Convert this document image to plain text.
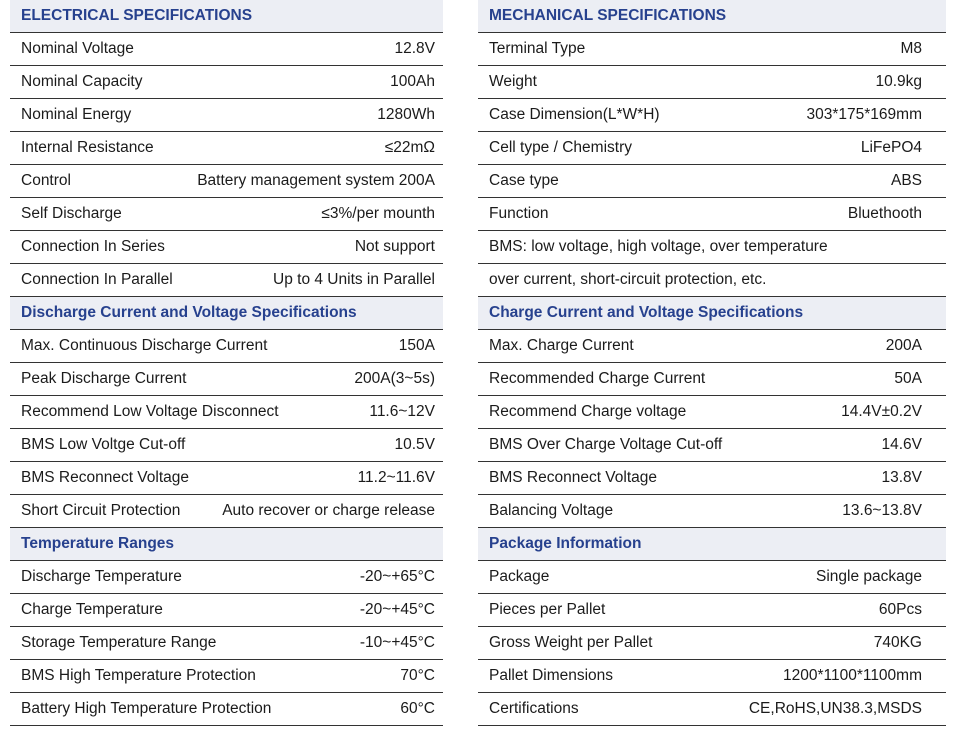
ELECTRICAL SPECIFICATIONS
Nominal Voltage	12.8V
Nominal Capacity	100Ah
Nominal Energy	1280Wh
Internal Resistance	≤22mΩ
Control	Battery management system 200A
Self Discharge	≤3%/per mounth
Connection In Series	Not support
Connection In Parallel	Up to 4 Units in Parallel
Discharge Current and Voltage Specifications
Max. Continuous Discharge Current	150A
Peak Discharge Current	200A(3~5s)
Recommend Low Voltage Disconnect	11.6~12V
BMS Low Voltge Cut-off	10.5V
BMS Reconnect Voltage	11.2~11.6V
Short Circuit Protection	Auto recover or charge release
Temperature Ranges
Discharge Temperature	-20~+65°C
Charge Temperature	-20~+45°C
Storage Temperature Range	-10~+45°C
BMS High Temperature Protection	70°C
Battery High Temperature Protection	60°C
MECHANICAL SPECIFICATIONS
Terminal Type	M8
Weight	10.9kg
Case Dimension(L*W*H)	303*175*169mm
Cell type / Chemistry	LiFePO4
Case type	ABS
Function	Bluethooth
BMS: low voltage, high voltage, over temperature
over current, short-circuit protection, etc.
Charge Current and Voltage Specifications
Max. Charge Current	200A
Recommended Charge Current	50A
Recommend Charge voltage	14.4V±0.2V
BMS Over Charge Voltage Cut-off	14.6V
BMS Reconnect Voltage	13.8V
Balancing Voltage	13.6~13.8V
Package Information
Package	Single package
Pieces per Pallet	60Pcs
Gross Weight per Pallet	740KG
Pallet Dimensions	1200*1100*1100mm
Certifications	CE,RoHS,UN38.3,MSDS
